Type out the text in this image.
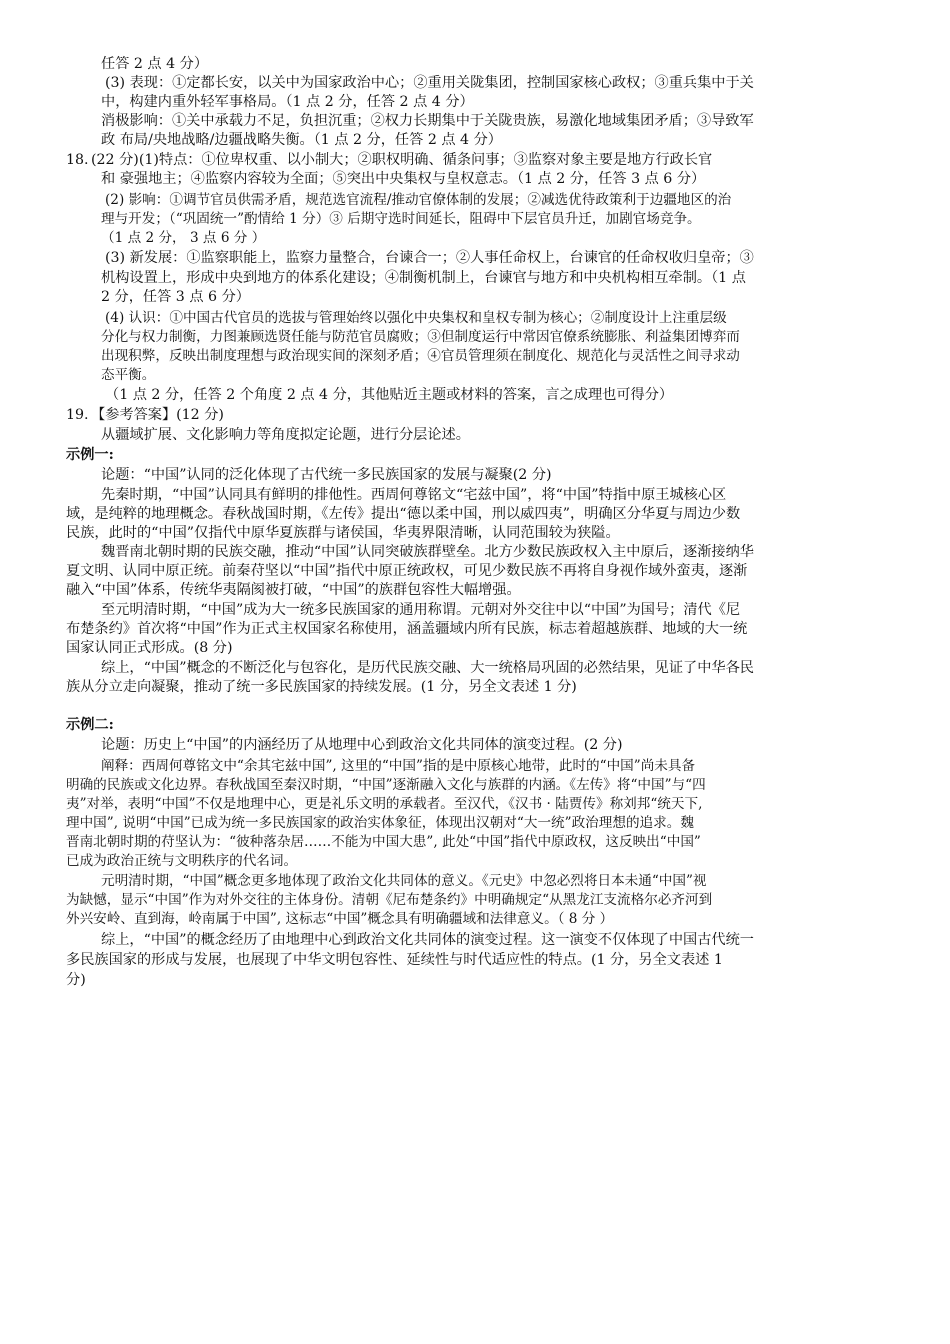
任答 2 点 4 分）
(3) 表现：①定都长安，以关中为国家政治中心；②重用关陇集团，控制国家核心政权；③重兵集中于关
中，构建内重外轻军事格局。（1 点 2 分，任答 2 点 4 分）
消极影响：①关中承载力不足，负担沉重；②权力长期集中于关陇贵族，易激化地域集团矛盾；③导致军
政 布局/央地战略/边疆战略失衡。（1 点 2 分，任答 2 点 4 分）
(22 分)(1)特点：①位卑权重、以小制大；②职权明确、循条问事；③监察对象主要是地方行政长官
和 豪强地主；④监察内容较为全面；⑤突出中央集权与皇权意志。（1 点 2 分，任答 3 点 6 分）
(2) 影响：①调节官员供需矛盾，规范选官流程/推动官僚体制的发展；②减选优待政策利于边疆地区的治
理与开发；（“巩固统一”酌情给 1 分）③ 后期守选时间延长，阻碍中下层官员升迁，加剧官场竞争。
（1 点 2 分， 3 点 6 分 ）
(3) 新发展：①监察职能上，监察力量整合，台谏合一；②人事任命权上，台谏官的任命权收归皇帝；③
机构设置上，形成中央到地方的体系化建设；④制衡机制上，台谏官与地方和中央机构相互牵制。（1 点
2 分，任答 3 点 6 分）
(4) 认识：①中国古代官员的选拔与管理始终以强化中央集权和皇权专制为核心；②制度设计上注重层级
分化与权力制衡，力图兼顾选贤任能与防范官员腐败；③但制度运行中常因官僚系统膨胀、利益集团博弈而
出现积弊，反映出制度理想与政治现实间的深刻矛盾；④官员管理须在制度化、规范化与灵活性之间寻求动
态平衡。
（1 点 2 分，任答 2 个角度 2 点 4 分，其他贴近主题或材料的答案，言之成理也可得分）
【参考答案】(12 分)
从疆域扩展、文化影响力等角度拟定论题，进行分层论述。
示例一:
论题：“中国”认同的泛化体现了古代统一多民族国家的发展与凝聚(2 分)
先秦时期，“中国”认同具有鲜明的排他性。西周何尊铭文“宅兹中国”，将“中国”特指中原王城核心区
域，是纯粹的地理概念。春秋战国时期，《左传》提出“德以柔中国，刑以威四夷”，明确区分华夏与周边少数
民族，此时的“中国”仅指代中原华夏族群与诸侯国，华夷界限清晰，认同范围较为狭隘。
魏晋南北朝时期的民族交融，推动“中国”认同突破族群壁垒。北方少数民族政权入主中原后，逐渐接纳华
夏文明、认同中原正统。前秦苻坚以“中国”指代中原正统政权，可见少数民族不再将自身视作域外蛮夷，逐渐
融入“中国”体系，传统华夷隔阂被打破，“中国”的族群包容性大幅增强。
至元明清时期，“中国”成为大一统多民族国家的通用称谓。元朝对外交往中以“中国”为国号；清代《尼
布楚条约》首次将“中国”作为正式主权国家名称使用，涵盖疆域内所有民族，标志着超越族群、地域的大一统
国家认同正式形成。(8 分)
综上，“中国”概念的不断泛化与包容化，是历代民族交融、大一统格局巩固的必然结果，见证了中华各民
族从分立走向凝聚，推动了统一多民族国家的持续发展。(1 分，另全文表述 1 分)
示例二:
论题：历史上“中国”的内涵经历了从地理中心到政治文化共同体的演变过程。(2 分)
阐释：西周何尊铭文中“余其宅兹中国”, 这里的“中国”指的是中原核心地带，此时的“中国”尚未具备
明确的民族或文化边界。春秋战国至秦汉时期，“中国”逐渐融入文化与族群的内涵。《左传》将“中国”与“四
夷”对举，表明“中国”不仅是地理中心，更是礼乐文明的承载者。至汉代，《汉书 · 陆贾传》称刘邦“统天下,
理中国”, 说明“中国”已成为统一多民族国家的政治实体象征，体现出汉朝对“大一统”政治理想的追求。魏
晋南北朝时期的苻坚认为：“彼种落杂居……不能为中国大患”, 此处“中国”指代中原政权，这反映出“中国”
已成为政治正统与文明秩序的代名词。
元明清时期，“中国”概念更多地体现了政治文化共同体的意义。《元史》中忽必烈将日本未通“中国”视
为缺憾，显示“中国”作为对外交往的主体身份。清朝《尼布楚条约》中明确规定“从黑龙江支流格尔必齐河到
外兴安岭、直到海，岭南属于中国”, 这标志“中国”概念具有明确疆域和法律意义。（ 8 分 ）
综上，“中国”的概念经历了由地理中心到政治文化共同体的演变过程。这一演变不仅体现了中国古代统一
多民族国家的形成与发展，也展现了中华文明包容性、延续性与时代适应性的特点。(1 分，另全文表述 1
分)
18.
19.
